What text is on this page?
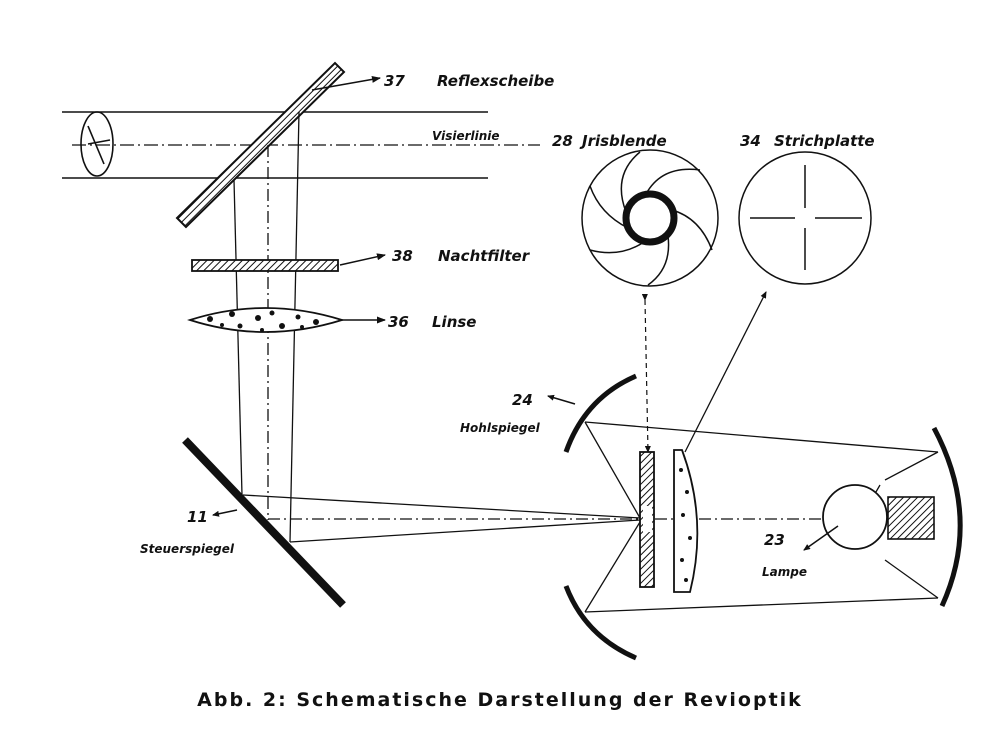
37 Reflexscheibe
Visierlinie
38 Nachtfilter
36 Linse
11
Steuerspiegel
28 Jrisblende	34 Strichplatte
24
Hohlspiegel
23
Lampe
Abb. 2: Schematische Darstellung der Revioptik
